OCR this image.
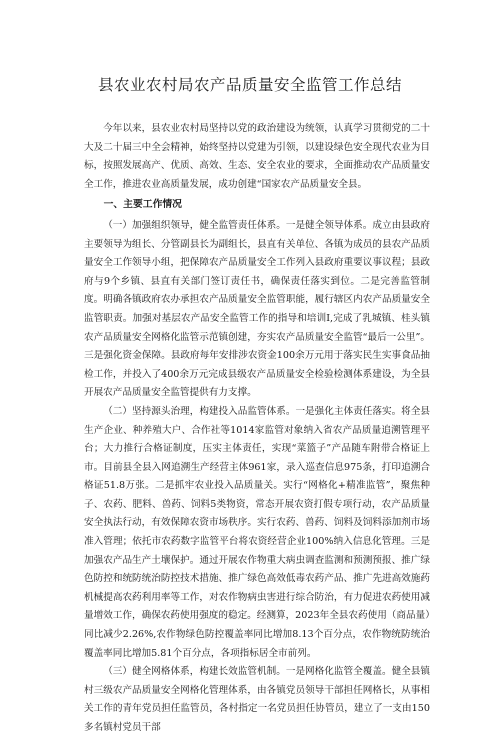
县农业农村局农产品质量安全监管工作总结

今年以来，县农业农村局坚持以党的政治建设为统领，认真学习贯彻党的二十大及二十届三中全会精神，始终坚持以党建为引领，以建设绿色安全现代农业为目标，按照发展高产、优质、高效、生态、安全农业的要求，全面推动农产品质量安全工作，推进农业高质量发展，成功创建“国家农产品质量安全县。

一、主要工作情况

（一）加强组织领导，健全监管责任体系。一是健全领导体系。成立由县政府主要领导为组长、分管副县长为副组长，县直有关单位、各镇为成员的县农产品质量安全工作领导小组，把保障农产品质量安全工作列入县政府重要议事议程；县政府与9个乡镇、县直有关部门签订责任书，确保责任落实到位。二是完善监管制度。明确各镇政府农办承担农产品质量安全监管职能，履行辖区内农产品质量安全监管职责。加强对基层农产品安全监管工作的指导和培训I,完成了乳城镇、桂头镇农产品质量安全网格化监管示范镇创建，夯实农产品质量安全监管“最后一公里”。三是强化资金保障。县政府每年安排涉农资金100余万元用于落实民生实事食品抽检工作，并投入了400余万元完成县级农产品质量安全检验检测体系建设，为全县开展农产品质量安全监管提供有力支撑。

（二）坚持源头治理，构建投入品监管体系。一是强化主体责任落实。将全县生产企业、种养殖大户、合作社等1014家监管对象纳入省农产品质量追溯管理平台；大力推行合格证制度，压实主体责任，实现“菜篮子”产品随车附带合格证上市。目前县全县入网追溯生产经营主体961家，录入巡查信息975条，打印追溯合格证51.8万张。二是抓牢农业投入品质量关。实行“网格化+精准监管”，聚焦种子、农药、肥料、兽药、饲料5类物资，常态开展农资打假专项行动，农产品质量安全执法行动，有效保障农资市场秩序。实行农药、兽药、饲料及饲料添加剂市场准入管理；依托市农药数字监管平台将农资经营企业100%纳入信息化管理。三是加强农产品生产土壤保护。通过开展农作物重大病虫调查监测和预测预报、推广绿色防控和统防统治防控技术措施、推广绿色高效低毒农药产品、推广先进高效施药机械提高农药利用率等工作，对农作物病虫害进行综合防治，有力促进农药使用减量增效工作，确保农药使用强度的稳定。经测算，2023年全县农药使用（商品量）同比减少2.26%,农作物绿色防控覆盖率同比增加8.13个百分点，农作物统防统治覆盖率同比增加5.81个百分点，各项指标居全市前列。

（三）健全网格体系，构建长效监管机制。一是网格化监管全覆盖。健全县镇村三级农产品质量安全网格化管理体系，由各镇党员领导干部担任网格长，从事相关工作的青年党员担任监管员，各村指定一名党员担任协管员，建立了一支由150多名镇村党员干部
